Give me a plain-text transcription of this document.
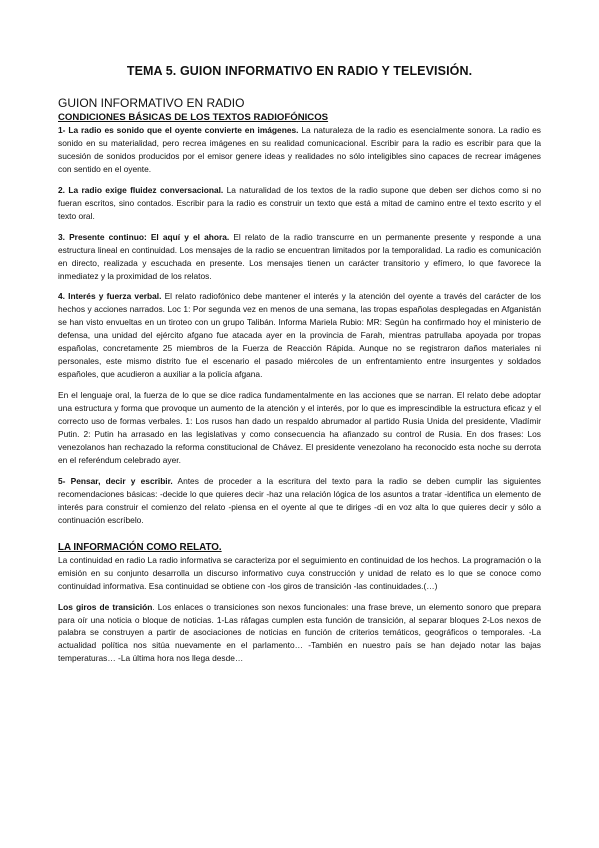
TEMA 5. GUION INFORMATIVO EN RADIO Y TELEVISIÓN.
GUION INFORMATIVO EN RADIO
CONDICIONES BÁSICAS DE LOS TEXTOS RADIOFÓNICOS

1- La radio es sonido que el oyente convierte en imágenes. La naturaleza de la radio es esencialmente sonora. La radio es sonido en su materialidad, pero recrea imágenes en su realidad comunicacional. Escribir para la radio es escribir para que la sucesión de sonidos producidos por el emisor genere ideas y realidades no sólo inteligibles sino capaces de recrear imágenes con sentido en el oyente.

2. La radio exige fluidez conversacional. La naturalidad de los textos de la radio supone que deben ser dichos como si no fueran escritos, sino contados. Escribir para la radio es construir un texto que está a mitad de camino entre el texto escrito y el texto oral.

3. Presente continuo: El aquí y el ahora. El relato de la radio transcurre en un permanente presente y responde a una estructura lineal en continuidad. Los mensajes de la radio se encuentran limitados por la temporalidad. La radio es comunicación en directo, realizada y escuchada en presente. Los mensajes tienen un carácter transitorio y efímero, lo que favorece la inmediatez y la proximidad de los relatos.

4. Interés y fuerza verbal. El relato radiofónico debe mantener el interés y la atención del oyente a través del carácter de los hechos y acciones narrados. Loc 1: Por segunda vez en menos de una semana, las tropas españolas desplegadas en Afganistán se han visto envueltas en un tiroteo con un grupo Talibán. Informa Mariela Rubio: MR: Según ha confirmado hoy el ministerio de defensa, una unidad del ejército afgano fue atacada ayer en la provincia de Farah, mientras patrullaba apoyada por tropas españolas, concretamente 25 miembros de la Fuerza de Reacción Rápida. Aunque no se registraron daños materiales ni personales, este mismo distrito fue el escenario el pasado miércoles de un enfrentamiento entre insurgentes y soldados españoles, que acudieron a auxiliar a la policía afgana.

En el lenguaje oral, la fuerza de lo que se dice radica fundamentalmente en las acciones que se narran. El relato debe adoptar una estructura y forma que provoque un aumento de la atención y el interés, por lo que es imprescindible la estructura eficaz y el correcto uso de formas verbales. 1: Los rusos han dado un respaldo abrumador al partido Rusia Unida del presidente, Vladímir Putin. 2: Putin ha arrasado en las legislativas y como consecuencia ha afianzado su control de Rusia. En dos frases: Los venezolanos han rechazado la reforma constitucional de Chávez. El presidente venezolano ha reconocido esta noche su derrota en el referéndum celebrado ayer.

5- Pensar, decir y escribir. Antes de proceder a la escritura del texto para la radio se deben cumplir las siguientes recomendaciones básicas: -decide lo que quieres decir -haz una relación lógica de los asuntos a tratar -identifica un elemento de interés para construir el comienzo del relato -piensa en el oyente al que te diriges -di en voz alta lo que quieres decir y sólo a continuación escríbelo.

LA INFORMACIÓN COMO RELATO.

La continuidad en radio La radio informativa se caracteriza por el seguimiento en continuidad de los hechos. La programación o la emisión en su conjunto desarrolla un discurso informativo cuya construcción y unidad de relato es lo que se conoce como continuidad informativa. Esa continuidad se obtiene con -los giros de transición -las continuidades.(…)

Los giros de transición. Los enlaces o transiciones son nexos funcionales: una frase breve, un elemento sonoro que prepara para oír una noticia o bloque de noticias. 1-Las ráfagas cumplen esta función de transición, al separar bloques 2-Los nexos de palabra se construyen a partir de asociaciones de noticias en función de criterios temáticos, geográficos o temporales. -La actualidad política nos sitúa nuevamente en el parlamento… -También en nuestro país se han dejado notar las bajas temperaturas… -La última hora nos llega desde…
